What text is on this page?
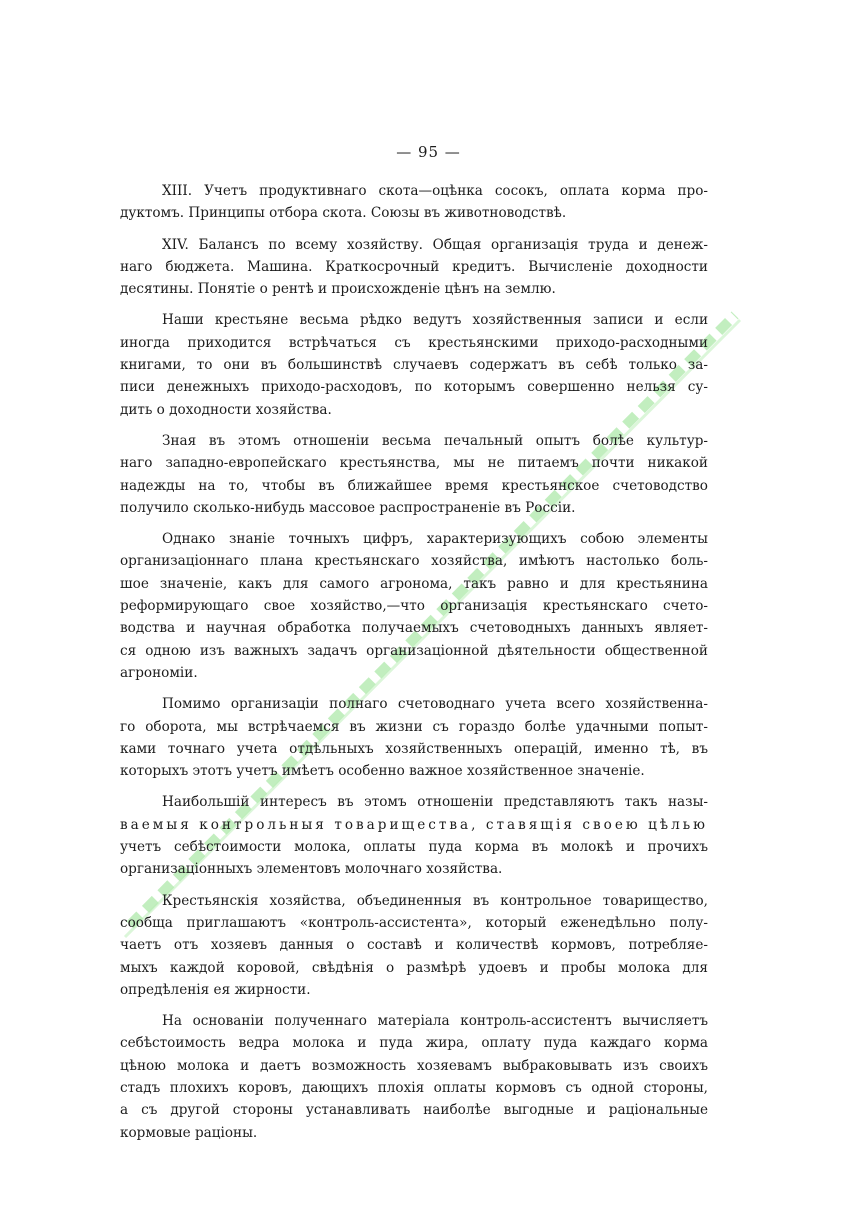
— 95 —

XIII. Учетъ продуктивнаго скота—оцѣнка сосокъ, оплата корма про-
дуктомъ. Принципы отбора скота. Союзы въ животноводствѣ.

XIV. Балансъ по всему хозяйству. Общая организація труда и денеж-
наго бюджета. Машина. Краткосрочный кредитъ. Вычисленіе доходности
десятины. Понятіе о рентѣ и происхожденіе цѣнъ на землю.

Наши крестьяне весьма рѣдко ведутъ хозяйственныя записи и если
иногда приходится встрѣчаться съ крестьянскими приходо-расходными
книгами, то они въ большинствѣ случаевъ содержатъ въ себѣ только за-
писи денежныхъ приходо-расходовъ, по которымъ совершенно нельзя су-
дить о доходности хозяйства.

Зная въ этомъ отношеніи весьма печальный опытъ болѣе культур-
наго западно-европейскаго крестьянства, мы не питаемъ почти никакой
надежды на то, чтобы въ ближайшее время крестьянское счетоводство
получило сколько-нибудь массовое распространеніе въ Россіи.

Однако знаніе точныхъ цифръ, характеризующихъ собою элементы
организаціоннаго плана крестьянскаго хозяйства, имѣютъ настолько боль-
шое значеніе, какъ для самого агронома, такъ равно и для крестьянина
реформирующаго свое хозяйство,—что организація крестьянскаго счето-
водства и научная обработка получаемыхъ счетоводныхъ данныхъ являет-
ся одною изъ важныхъ задачъ организаціонной дѣятельности общественной
агрономіи.

Помимо организаціи полнаго счетоводнаго учета всего хозяйственна-
го оборота, мы встрѣчаемся въ жизни съ гораздо болѣе удачными попыт-
ками точнаго учета отдѣльныхъ хозяйственныхъ операцій, именно тѣ, въ
которыхъ этотъ учетъ имѣетъ особенно важное хозяйственное значеніе.

Наибольшій интересъ въ этомъ отношеніи представляютъ такъ назы-
ваемыя контрольныя товарищества, ставящія своею цѣлью
учетъ себѣстоимости молока, оплаты пуда корма въ молокѣ и прочихъ
организаціонныхъ элементовъ молочнаго хозяйства.

Крестьянскія хозяйства, объединенныя въ контрольное товарищество,
сообща приглашаютъ «контроль-ассистента», который еженедѣльно полу-
чаетъ отъ хозяевъ данныя о составѣ и количествѣ кормовъ, потребляе-
мыхъ каждой коровой, свѣдѣнія о размѣрѣ удоевъ и пробы молока для
опредѣленія ея жирности.

На основаніи полученнаго матеріала контроль-ассистентъ вычисляетъ
себѣстоимость ведра молока и пуда жира, оплату пуда каждаго корма
цѣною молока и даетъ возможность хозяевамъ выбраковывать изъ своихъ
стадъ плохихъ коровъ, дающихъ плохія оплаты кормовъ съ одной стороны,
а съ другой стороны устанавливать наиболѣе выгодные и раціональные
кормовые раціоны.
